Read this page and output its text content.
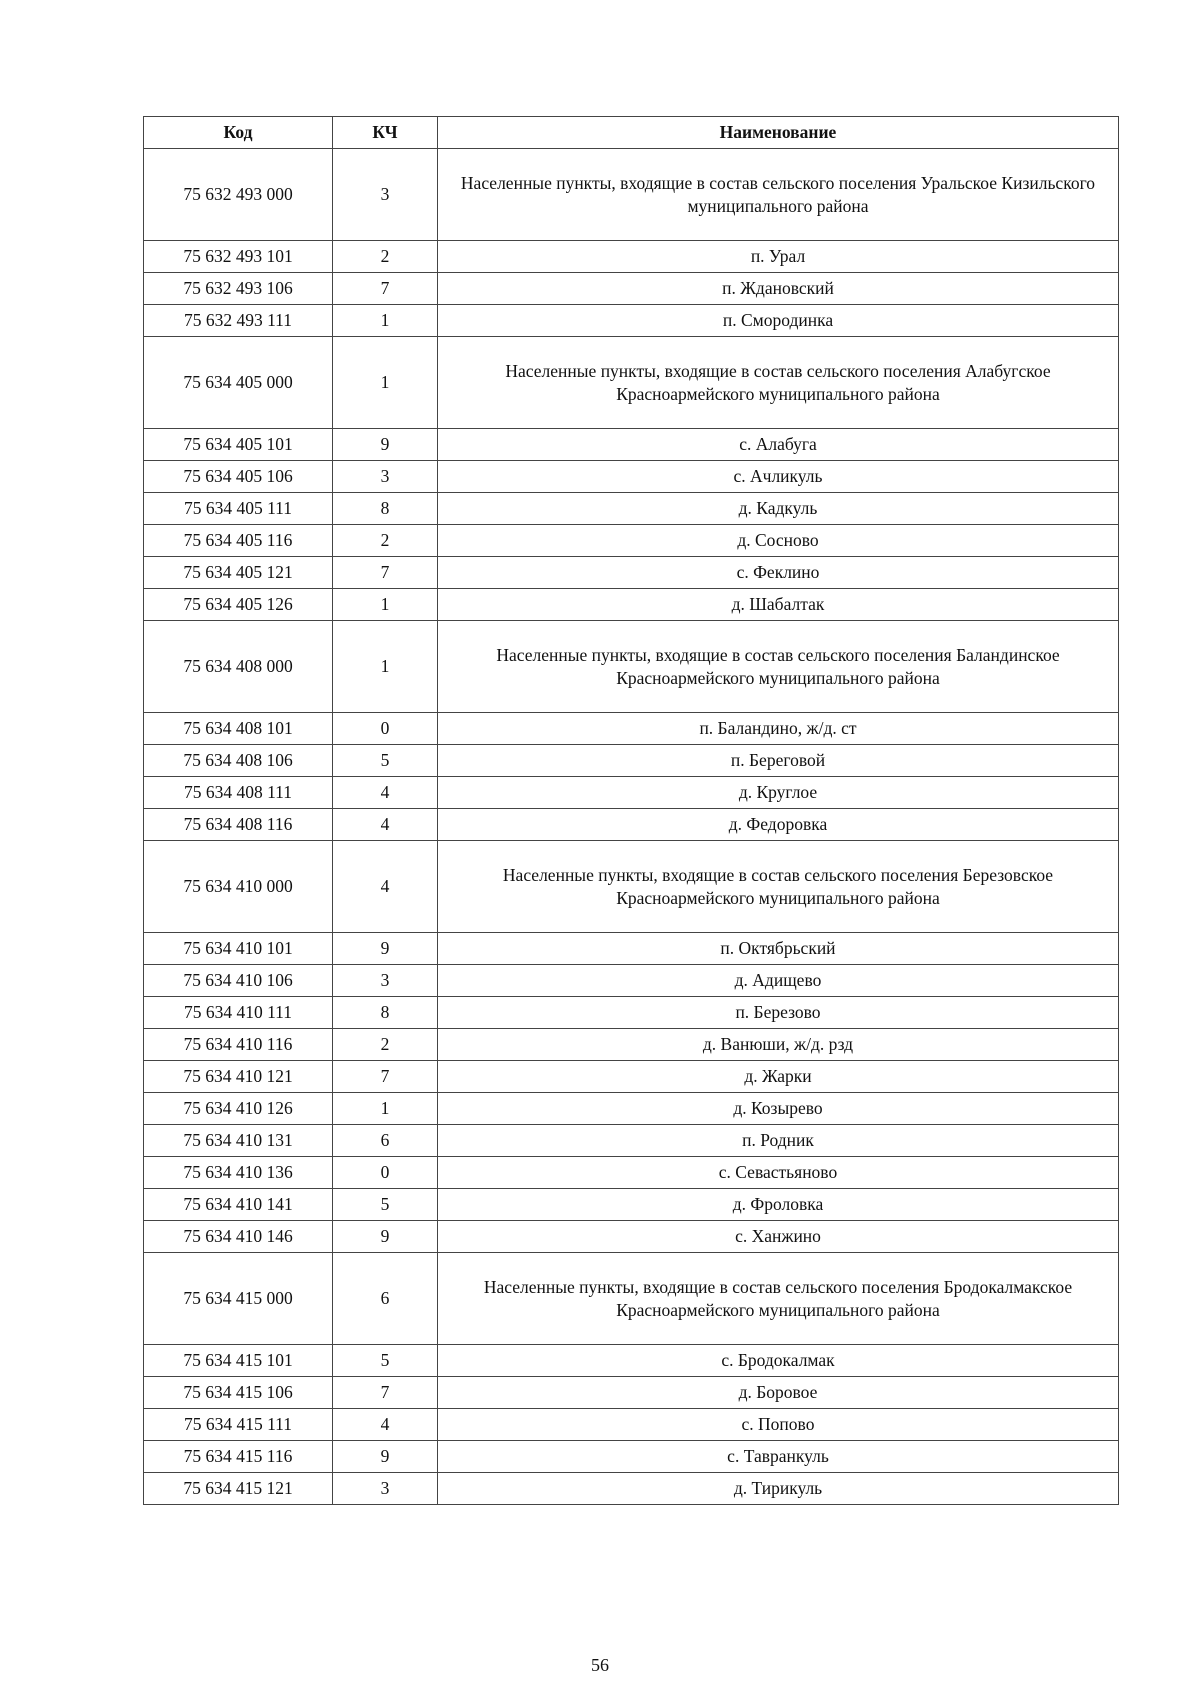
Код	КЧ	Наименование
75 632 493 000	3	Населенные пункты, входящие в состав сельского поселения Уральское Кизильского муниципального района
75 632 493 101	2	п. Урал
75 632 493 106	7	п. Ждановский
75 632 493 111	1	п. Смородинка
75 634 405 000	1	Населенные пункты, входящие в состав сельского поселения Алабугское Красноармейского муниципального района
75 634 405 101	9	с. Алабуга
75 634 405 106	3	с. Ачликуль
75 634 405 111	8	д. Кадкуль
75 634 405 116	2	д. Сосново
75 634 405 121	7	с. Феклино
75 634 405 126	1	д. Шабалтак
75 634 408 000	1	Населенные пункты, входящие в состав сельского поселения Баландинское Красноармейского муниципального района
75 634 408 101	0	п. Баландино, ж/д. ст
75 634 408 106	5	п. Береговой
75 634 408 111	4	д. Круглое
75 634 408 116	4	д. Федоровка
75 634 410 000	4	Населенные пункты, входящие в состав сельского поселения Березовское Красноармейского муниципального района
75 634 410 101	9	п. Октябрьский
75 634 410 106	3	д. Адищево
75 634 410 111	8	п. Березово
75 634 410 116	2	д. Ванюши, ж/д. рзд
75 634 410 121	7	д. Жарки
75 634 410 126	1	д. Козырево
75 634 410 131	6	п. Родник
75 634 410 136	0	с. Севастьяново
75 634 410 141	5	д. Фроловка
75 634 410 146	9	с. Ханжино
75 634 415 000	6	Населенные пункты, входящие в состав сельского поселения Бродокалмакское Красноармейского муниципального района
75 634 415 101	5	с. Бродокалмак
75 634 415 106	7	д. Боровое
75 634 415 111	4	с. Попово
75 634 415 116	9	с. Тавранкуль
75 634 415 121	3	д. Тирикуль
56
